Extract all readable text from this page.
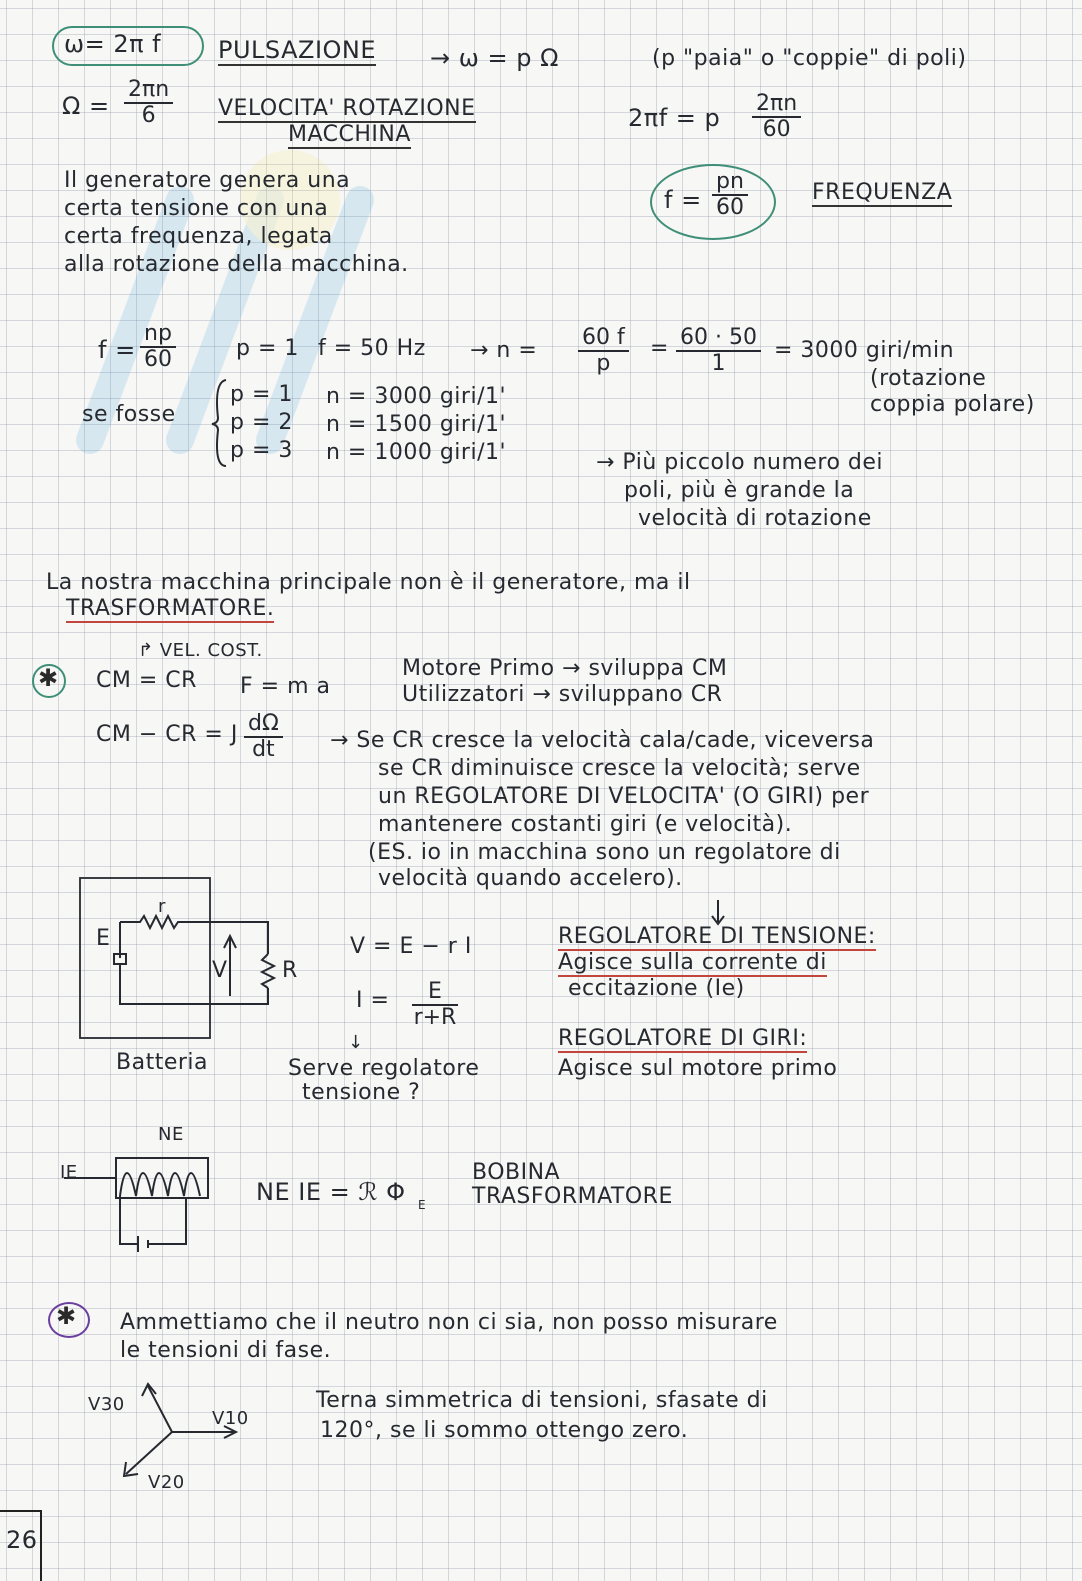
ω= 2π f PULSAZIONE → ω = p Ω	(p "paia" o "coppie" di poli)
$\Omega = \frac{2\pi n}{6}$ VELOCITA' ROTAZIONE
MACCHINA
2πf = p $\frac{2\pi n}{60}$
Il generatore genera una
certa tensione con una
certa frequenza, legata
alla rotazione della macchina.
$f = \frac{pn}{60}$	FREQUENZA
$f = \frac{np}{60}$	p = 1 f = 50 $Hz \to n = \frac{60 f}{p} = \frac{60 \cdot 50}{1} = 3000$ giri/min
(rotazione
coppia polare)
se fosse
p = 1 n = 3000 giri/1'
p = 2 n = 1500 giri/1'
p = 3 n = 1000 giri/1'	→ Più piccolo numero dei
poli, più è grande la
velocità di rotazione
La nostra macchina principale non è il generatore, ma il
TRASFORMATORE.
✱
↱ VEL. COST.
CM = CR F = m a
Motore Primo → sviluppa CM
Utilizzatori → sviluppano CR
CM − CR = J $\frac{d\Omega}{dt} \to Se$ CR cresce la velocità cala/cade, viceversa
se CR diminuisce cresce la velocità; serve
un REGOLATORE DI VELOCITA' (O GIRI) per
mantenere costanti giri (e velocità).
(ES. io in macchina sono un regolatore di
velocità quando accelero).
r
E
V R
Batteria
V = E − r I
$I = \frac{E}{r+R}$
↓
Serve regolatore
tensione ?
REGOLATORE DI TENSIONE:
Agisce sulla corrente di
eccitazione (Ie)
REGOLATORE DI GIRI:
Agisce sul motore primo
NE
IE
NE IE = ℛ Φ E
BOBINA
TRASFORMATORE
✱ Ammettiamo che il neutro non ci sia, non posso misurare
le tensioni di fase.
V30
V10
V20
Terna simmetrica di tensioni, sfasate di
120°, se li sommo ottengo zero.
26
